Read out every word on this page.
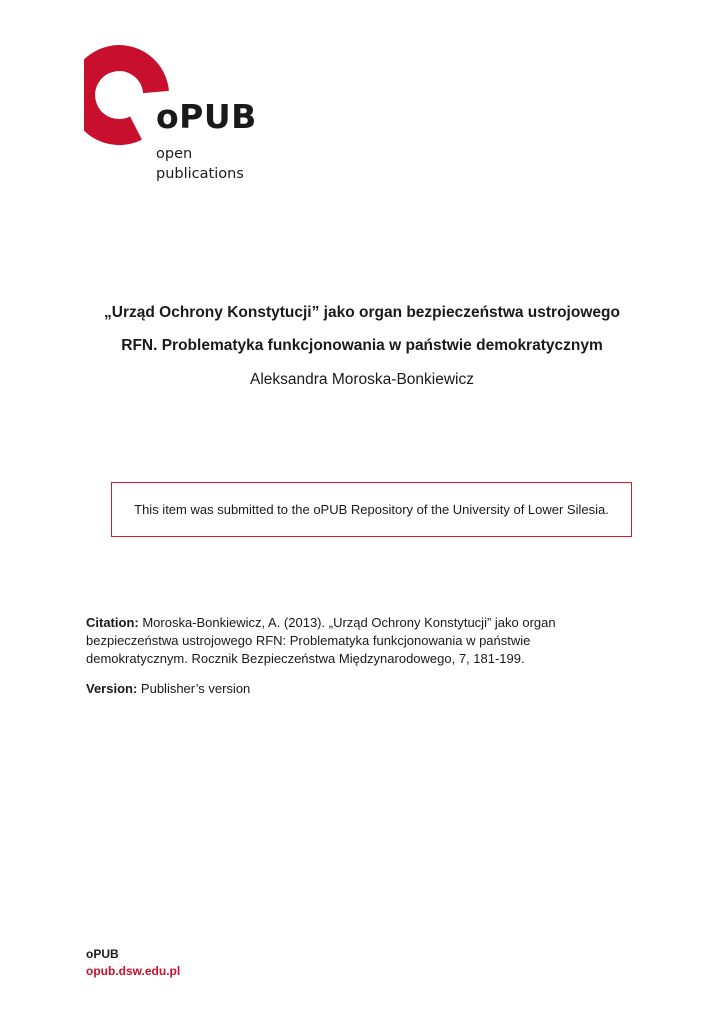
oPUB
open
publications
„Urząd Ochrony Konstytucji” jako organ bezpieczeństwa ustrojowego
RFN. Problematyka funkcjonowania w państwie demokratycznym
Aleksandra Moroska-Bonkiewicz
This item was submitted to the oPUB Repository of the University of Lower Silesia.
Citation: Moroska-Bonkiewicz, A. (2013). „Urząd Ochrony Konstytucji” jako organ bezpieczeństwa ustrojowego RFN: Problematyka funkcjonowania w państwie demokratycznym. Rocznik Bezpieczeństwa Międzynarodowego, 7, 181-199.
Version: Publisher’s version
oPUB
opub.dsw.edu.pl
